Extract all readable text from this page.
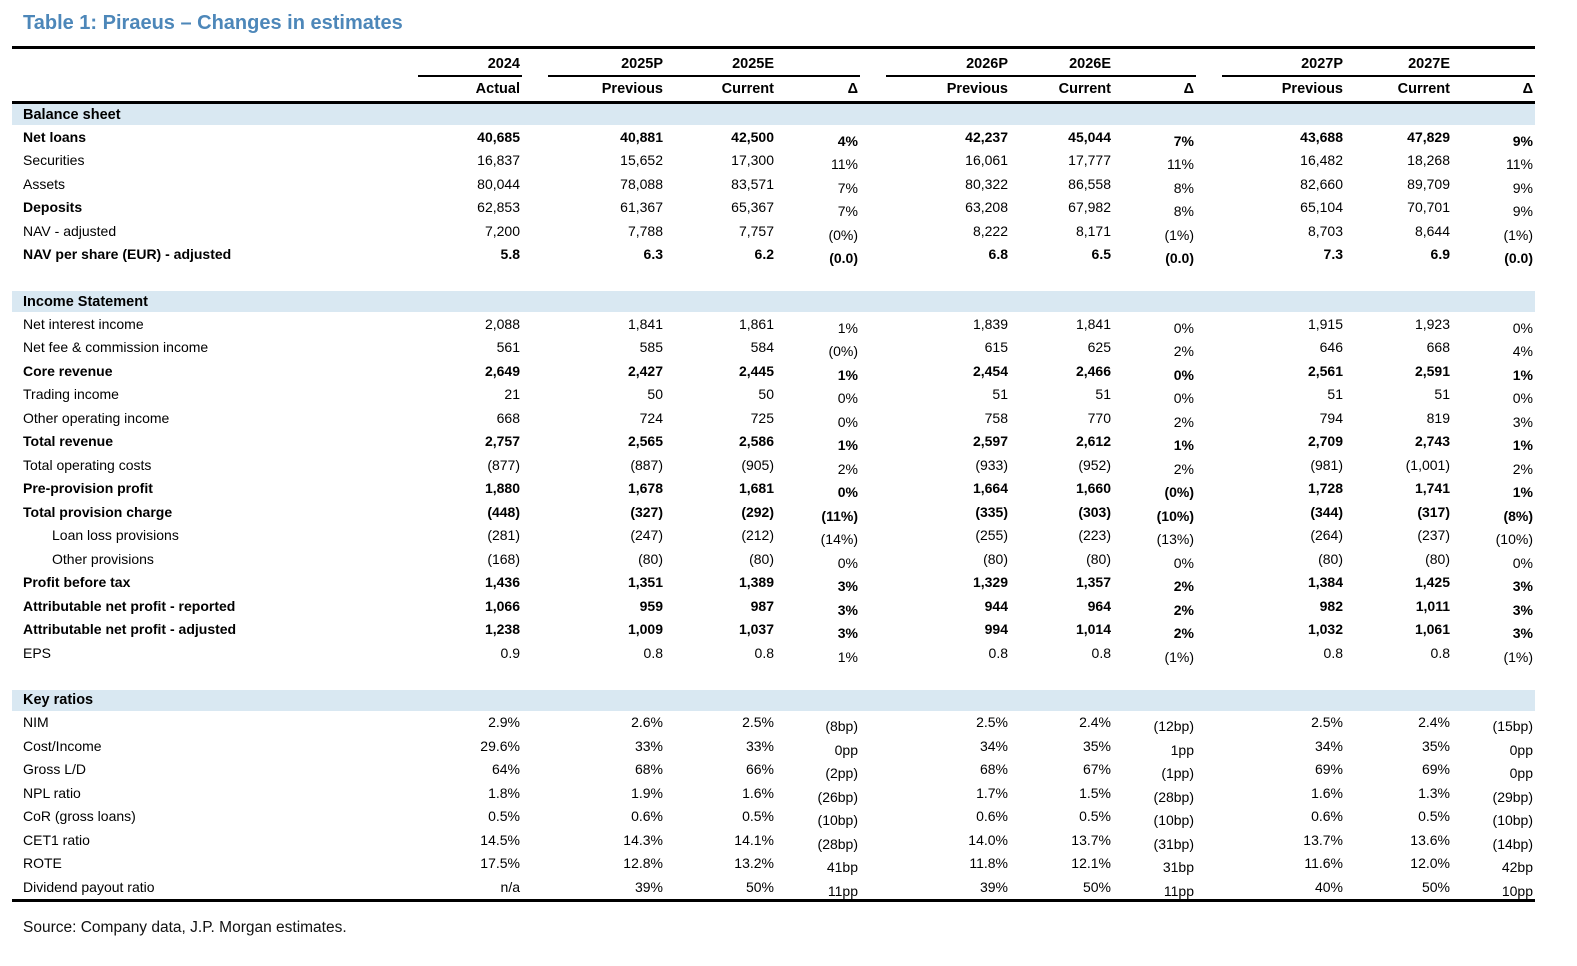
Table 1: Piraeus – Changes in estimates

	2024	2025P	2025E		2026P	2026E		2027P	2027E	

	Actual	Previous	Current	Δ	Previous	Current	Δ	Previous	Current	Δ
Balance sheet										
Net loans	40,685	40,881	42,500	4%	42,237	45,044	7%	43,688	47,829	9%
Securities	16,837	15,652	17,300	11%	16,061	17,777	11%	16,482	18,268	11%
Assets	80,044	78,088	83,571	7%	80,322	86,558	8%	82,660	89,709	9%
Deposits	62,853	61,367	65,367	7%	63,208	67,982	8%	65,104	70,701	9%
NAV - adjusted	7,200	7,788	7,757	(0%)	8,222	8,171	(1%)	8,703	8,644	(1%)
NAV per share (EUR) - adjusted	5.8	6.3	6.2	(0.0)	6.8	6.5	(0.0)	7.3	6.9	(0.0)

Income Statement										
Net interest income	2,088	1,841	1,861	1%	1,839	1,841	0%	1,915	1,923	0%
Net fee & commission income	561	585	584	(0%)	615	625	2%	646	668	4%
Core revenue	2,649	2,427	2,445	1%	2,454	2,466	0%	2,561	2,591	1%
Trading income	21	50	50	0%	51	51	0%	51	51	0%
Other operating income	668	724	725	0%	758	770	2%	794	819	3%
Total revenue	2,757	2,565	2,586	1%	2,597	2,612	1%	2,709	2,743	1%
Total operating costs	(877)	(887)	(905)	2%	(933)	(952)	2%	(981)	(1,001)	2%
Pre-provision profit	1,880	1,678	1,681	0%	1,664	1,660	(0%)	1,728	1,741	1%
Total provision charge	(448)	(327)	(292)	(11%)	(335)	(303)	(10%)	(344)	(317)	(8%)
Loan loss provisions	(281)	(247)	(212)	(14%)	(255)	(223)	(13%)	(264)	(237)	(10%)
Other provisions	(168)	(80)	(80)	0%	(80)	(80)	0%	(80)	(80)	0%
Profit before tax	1,436	1,351	1,389	3%	1,329	1,357	2%	1,384	1,425	3%
Attributable net profit - reported	1,066	959	987	3%	944	964	2%	982	1,011	3%
Attributable net profit - adjusted	1,238	1,009	1,037	3%	994	1,014	2%	1,032	1,061	3%
EPS	0.9	0.8	0.8	1%	0.8	0.8	(1%)	0.8	0.8	(1%)

Key ratios										
NIM	2.9%	2.6%	2.5%	(8bp)	2.5%	2.4%	(12bp)	2.5%	2.4%	(15bp)
Cost/Income	29.6%	33%	33%	0pp	34%	35%	1pp	34%	35%	0pp
Gross L/D	64%	68%	66%	(2pp)	68%	67%	(1pp)	69%	69%	0pp
NPL ratio	1.8%	1.9%	1.6%	(26bp)	1.7%	1.5%	(28bp)	1.6%	1.3%	(29bp)
CoR (gross loans)	0.5%	0.6%	0.5%	(10bp)	0.6%	0.5%	(10bp)	0.6%	0.5%	(10bp)
CET1 ratio	14.5%	14.3%	14.1%	(28bp)	14.0%	13.7%	(31bp)	13.7%	13.6%	(14bp)
ROTE	17.5%	12.8%	13.2%	41bp	11.8%	12.1%	31bp	11.6%	12.0%	42bp
Dividend payout ratio	n/a	39%	50%	11pp	39%	50%	11pp	40%	50%	10pp
Source: Company data, J.P. Morgan estimates.
